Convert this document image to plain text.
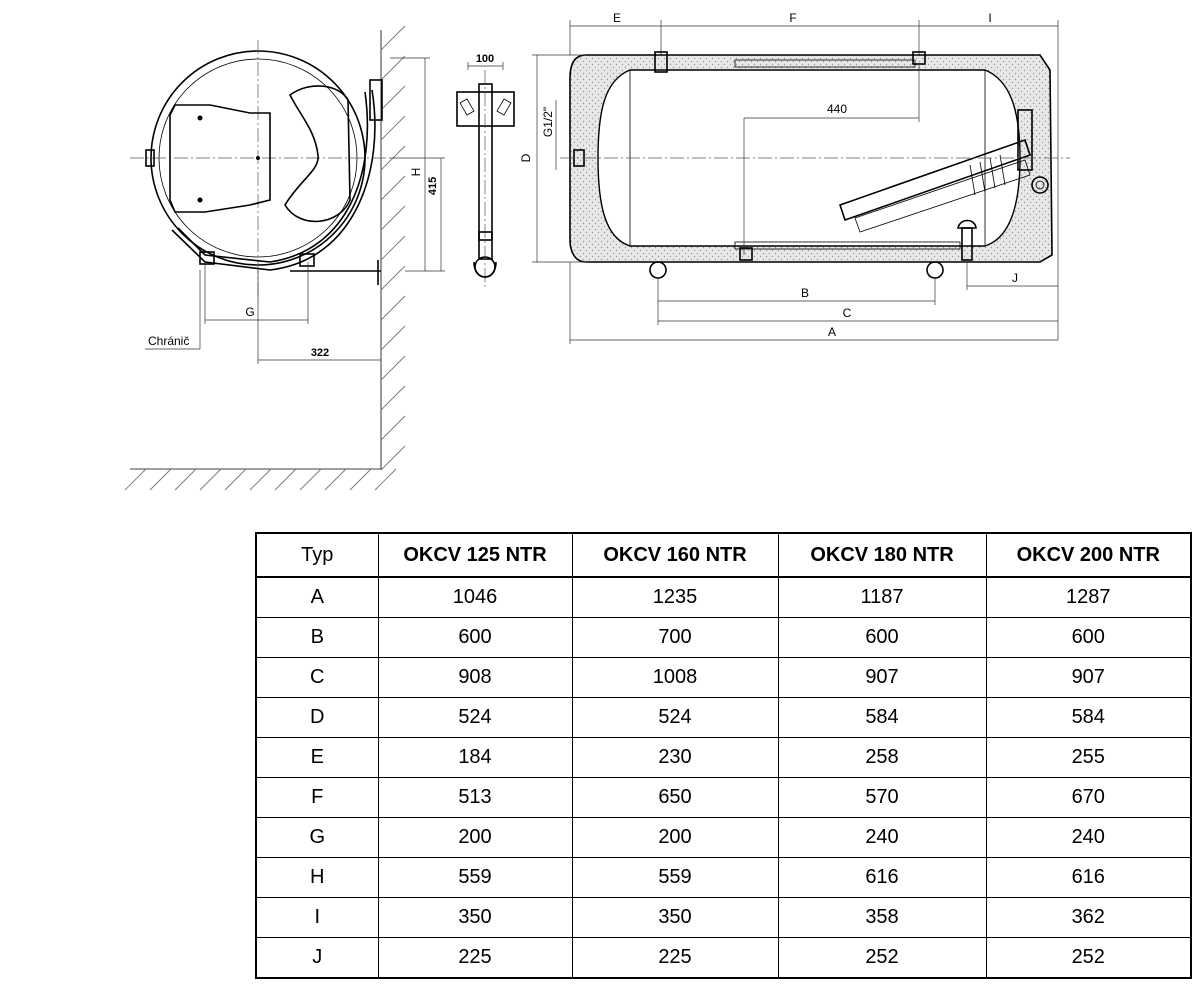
G
Chránič
322
H
415
100
E	F	I
440
D
G1/2"
J
B
C
A
Typ	OKCV 125 NTR	OKCV 160 NTR	OKCV 180 NTR	OKCV 200 NTR
A	1046	1235	1187	1287
B	600	700	600	600
C	908	1008	907	907
D	524	524	584	584
E	184	230	258	255
F	513	650	570	670
G	200	200	240	240
H	559	559	616	616
I	350	350	358	362
J	225	225	252	252
